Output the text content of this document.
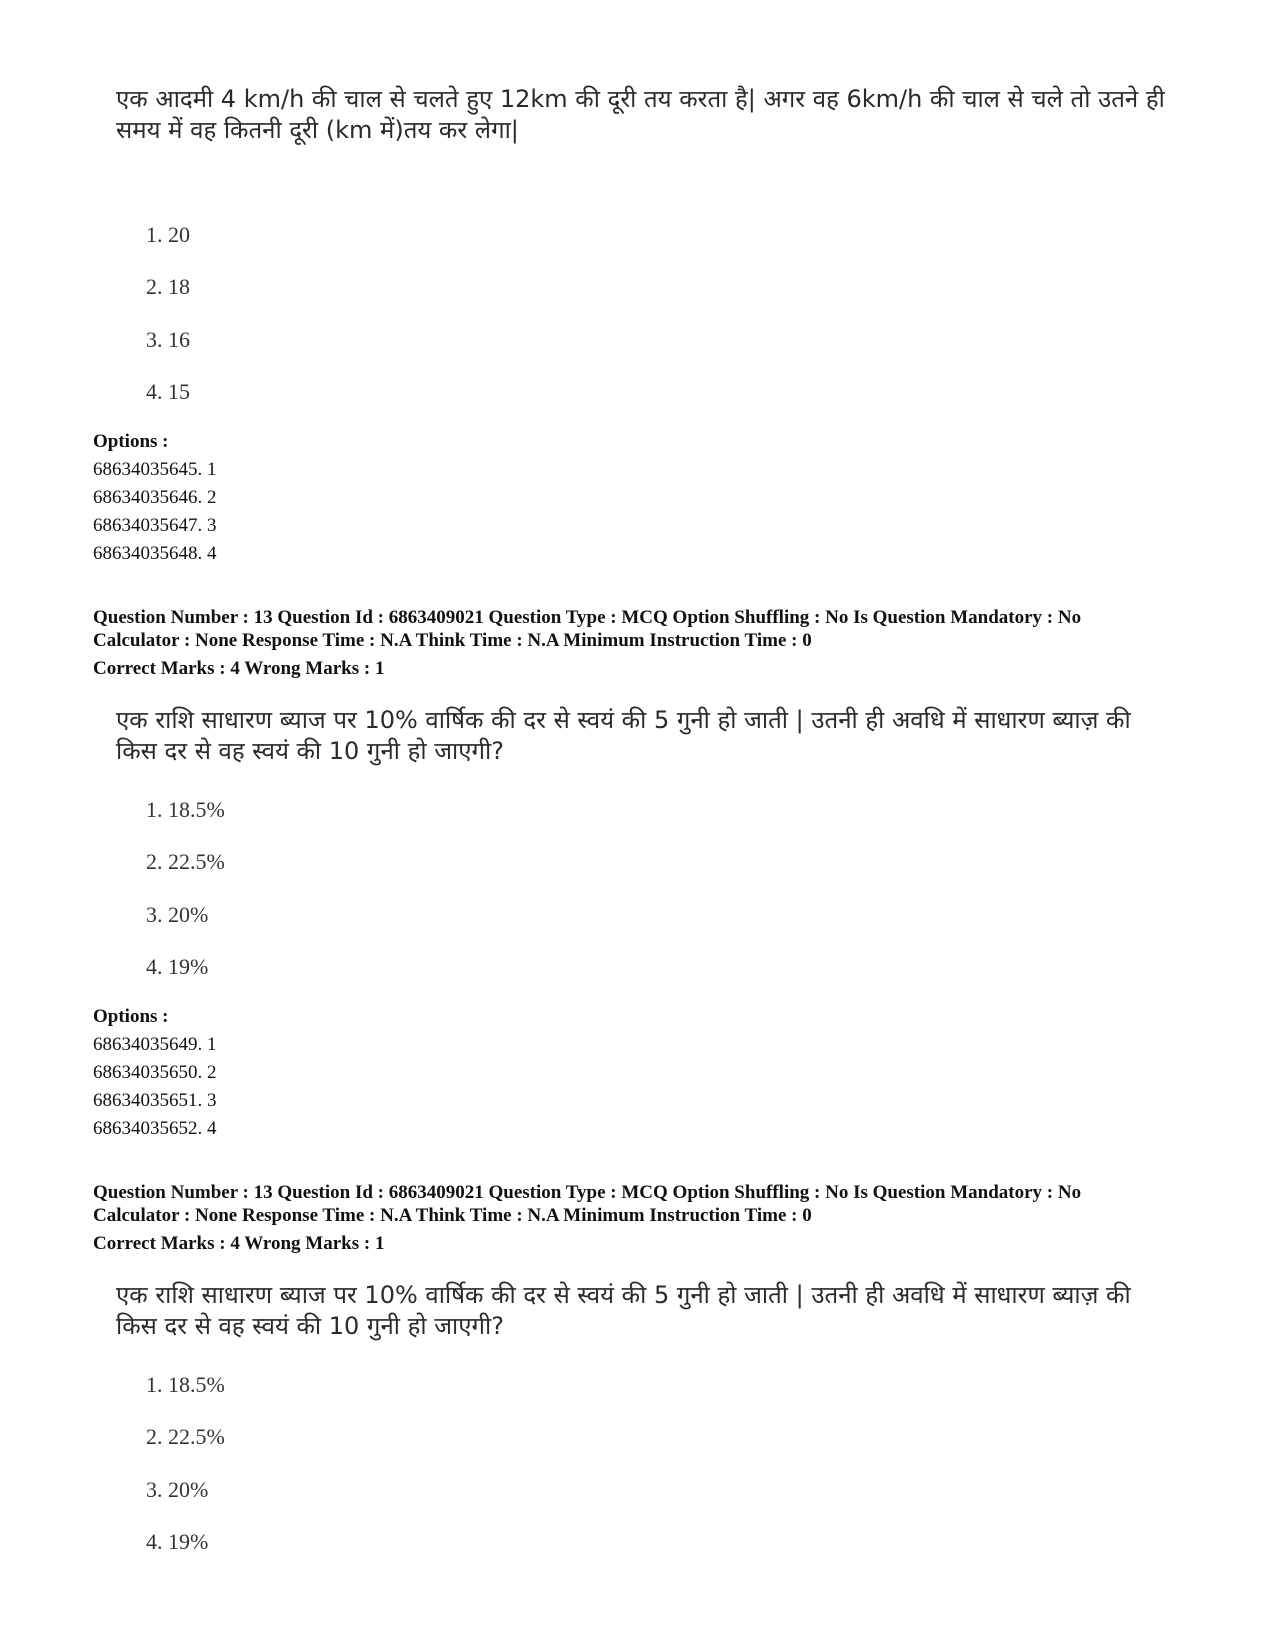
एक आदमी 4 km/h की चाल से चलते हुए 12km की दूरी तय करता है| अगर वह 6km/h की चाल से चले तो उतने ही
समय में वह कितनी दूरी (km में)तय कर लेगा|
1. 20
2. 18
3. 16
4. 15
Options :
68634035645. 1
68634035646. 2
68634035647. 3
68634035648. 4
Question Number : 13 Question Id : 6863409021 Question Type : MCQ Option Shuffling : No Is Question Mandatory : No
Calculator : None Response Time : N.A Think Time : N.A Minimum Instruction Time : 0
Correct Marks : 4 Wrong Marks : 1
एक राशि साधारण ब्याज पर 10% वार्षिक की दर से स्वयं की 5 गुनी हो जाती | उतनी ही अवधि में साधारण ब्याज़ की
किस दर से वह स्वयं की 10 गुनी हो जाएगी?
1. 18.5%
2. 22.5%
3. 20%
4. 19%
Options :
68634035649. 1
68634035650. 2
68634035651. 3
68634035652. 4
Question Number : 13 Question Id : 6863409021 Question Type : MCQ Option Shuffling : No Is Question Mandatory : No
Calculator : None Response Time : N.A Think Time : N.A Minimum Instruction Time : 0
Correct Marks : 4 Wrong Marks : 1
एक राशि साधारण ब्याज पर 10% वार्षिक की दर से स्वयं की 5 गुनी हो जाती | उतनी ही अवधि में साधारण ब्याज़ की
किस दर से वह स्वयं की 10 गुनी हो जाएगी?
1. 18.5%
2. 22.5%
3. 20%
4. 19%
